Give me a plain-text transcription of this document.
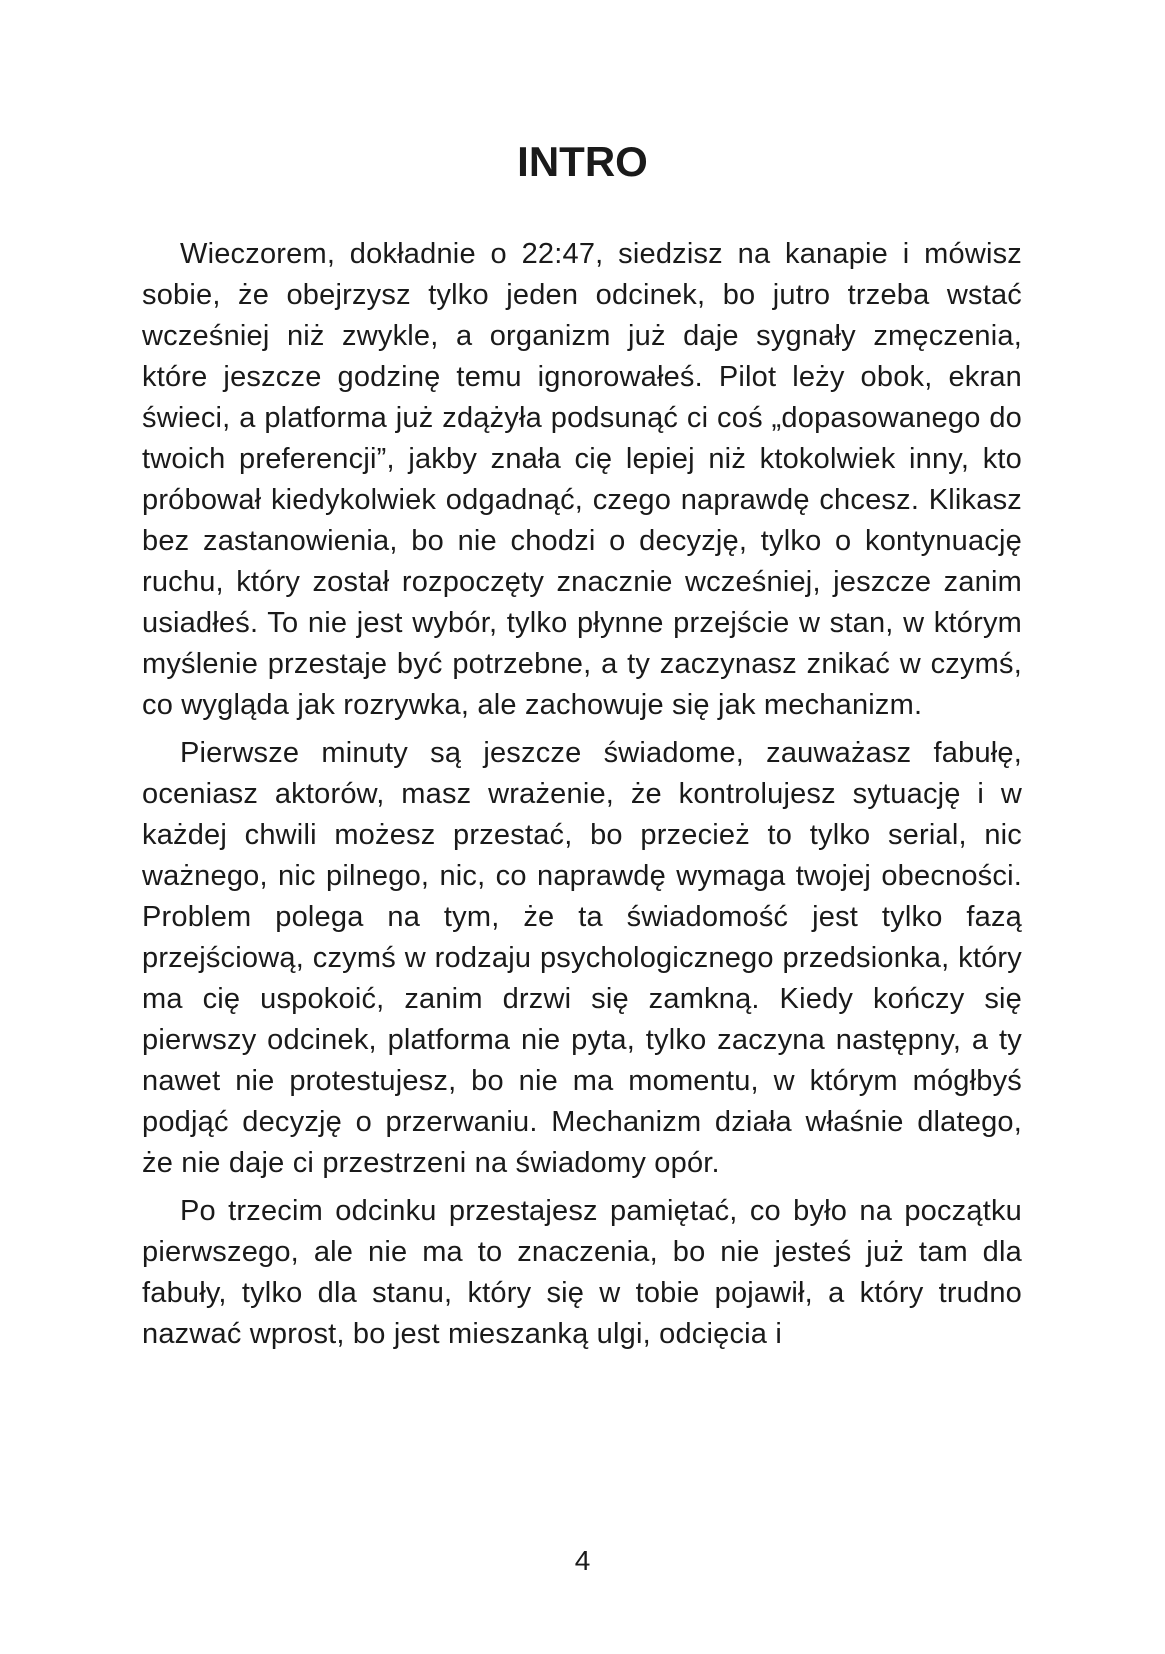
INTRO

Wieczorem, dokładnie o 22:47, siedzisz na kanapie i mówisz sobie, że obejrzysz tylko jeden odcinek, bo jutro trzeba wstać wcześniej niż zwykle, a organizm już daje sygnały zmęczenia, które jeszcze godzinę temu ignorowałeś. Pilot leży obok, ekran świeci, a platforma już zdążyła podsunąć ci coś „dopasowanego do twoich preferencji”, jakby znała cię lepiej niż ktokolwiek inny, kto próbował kiedykolwiek odgadnąć, czego naprawdę chcesz. Klikasz bez zastanowienia, bo nie chodzi o decyzję, tylko o kontynuację ruchu, który został rozpoczęty znacznie wcześniej, jeszcze zanim usiadłeś. To nie jest wybór, tylko płynne przejście w stan, w którym myślenie przestaje być potrzebne, a ty zaczynasz znikać w czymś, co wygląda jak rozrywka, ale zachowuje się jak mechanizm.

Pierwsze minuty są jeszcze świadome, zauważasz fabułę, oceniasz aktorów, masz wrażenie, że kontrolujesz sytuację i w każdej chwili możesz przestać, bo przecież to tylko serial, nic ważnego, nic pilnego, nic, co naprawdę wymaga twojej obecności. Problem polega na tym, że ta świadomość jest tylko fazą przejściową, czymś w rodzaju psychologicznego przedsionka, który ma cię uspokoić, zanim drzwi się zamkną. Kiedy kończy się pierwszy odcinek, platforma nie pyta, tylko zaczyna następny, a ty nawet nie protestujesz, bo nie ma momentu, w którym mógłbyś podjąć decyzję o przerwaniu. Mechanizm działa właśnie dlatego, że nie daje ci przestrzeni na świadomy opór.

Po trzecim odcinku przestajesz pamiętać, co było na początku pierwszego, ale nie ma to znaczenia, bo nie jesteś już tam dla fabuły, tylko dla stanu, który się w tobie pojawił, a który trudno nazwać wprost, bo jest mieszanką ulgi, odcięcia i

4
